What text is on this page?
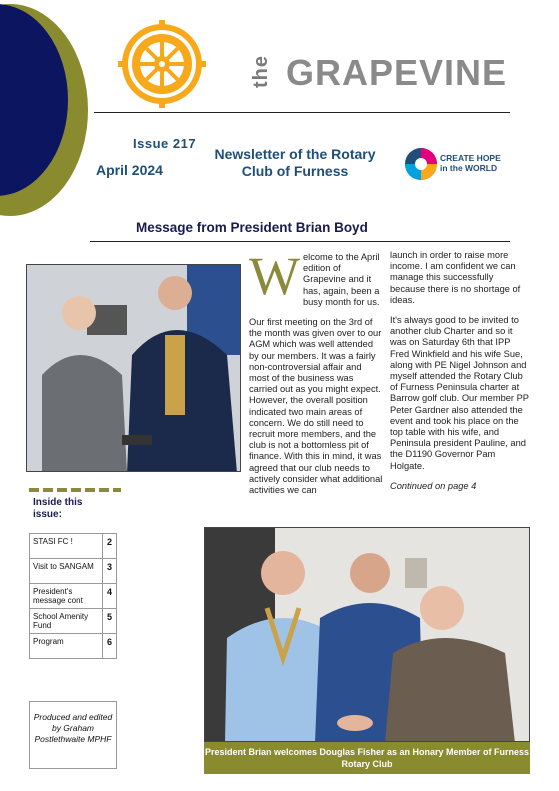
the GRAPEVINE
Issue 217
April 2024
Newsletter of the Rotary Club of Furness
CREATE HOPE
in the WORLD
Message from President Brian Boyd
Inside this issue:
STASI FC !	2
Visit to SANGAM	3
President's message cont	4
School Amenity Fund	5
Program	6
Produced and edited by Graham Postlethwaite MPHF

Welcome to the April edition of Grapevine and it has, again, been a busy month for us.

Our first meeting on the 3rd of the month was given over to our AGM which was well attended by our members. It was a fairly non-controversial affair and most of the business was carried out as you might expect. However, the overall position indicated two main areas of concern. We do still need to recruit more members, and the club is not a bottomless pit of finance. With this in mind, it was agreed that our club needs to actively consider what additional activities we can

launch in order to raise more income. I am confident we can manage this successfully because there is no shortage of ideas.

It's always good to be invited to another club Charter and so it was on Saturday 6th that IPP Fred Winkfield and his wife Sue, along with PE Nigel Johnson and myself attended the Rotary Club of Furness Peninsula charter at Barrow golf club. Our member PP Peter Gardner also attended the event and took his place on the top table with his wife, and Peninsula president Pauline, and the D1190 Governor Pam Holgate.

Continued on page 4

President Brian welcomes Douglas Fisher as an Honary Member of Furness Rotary Club
